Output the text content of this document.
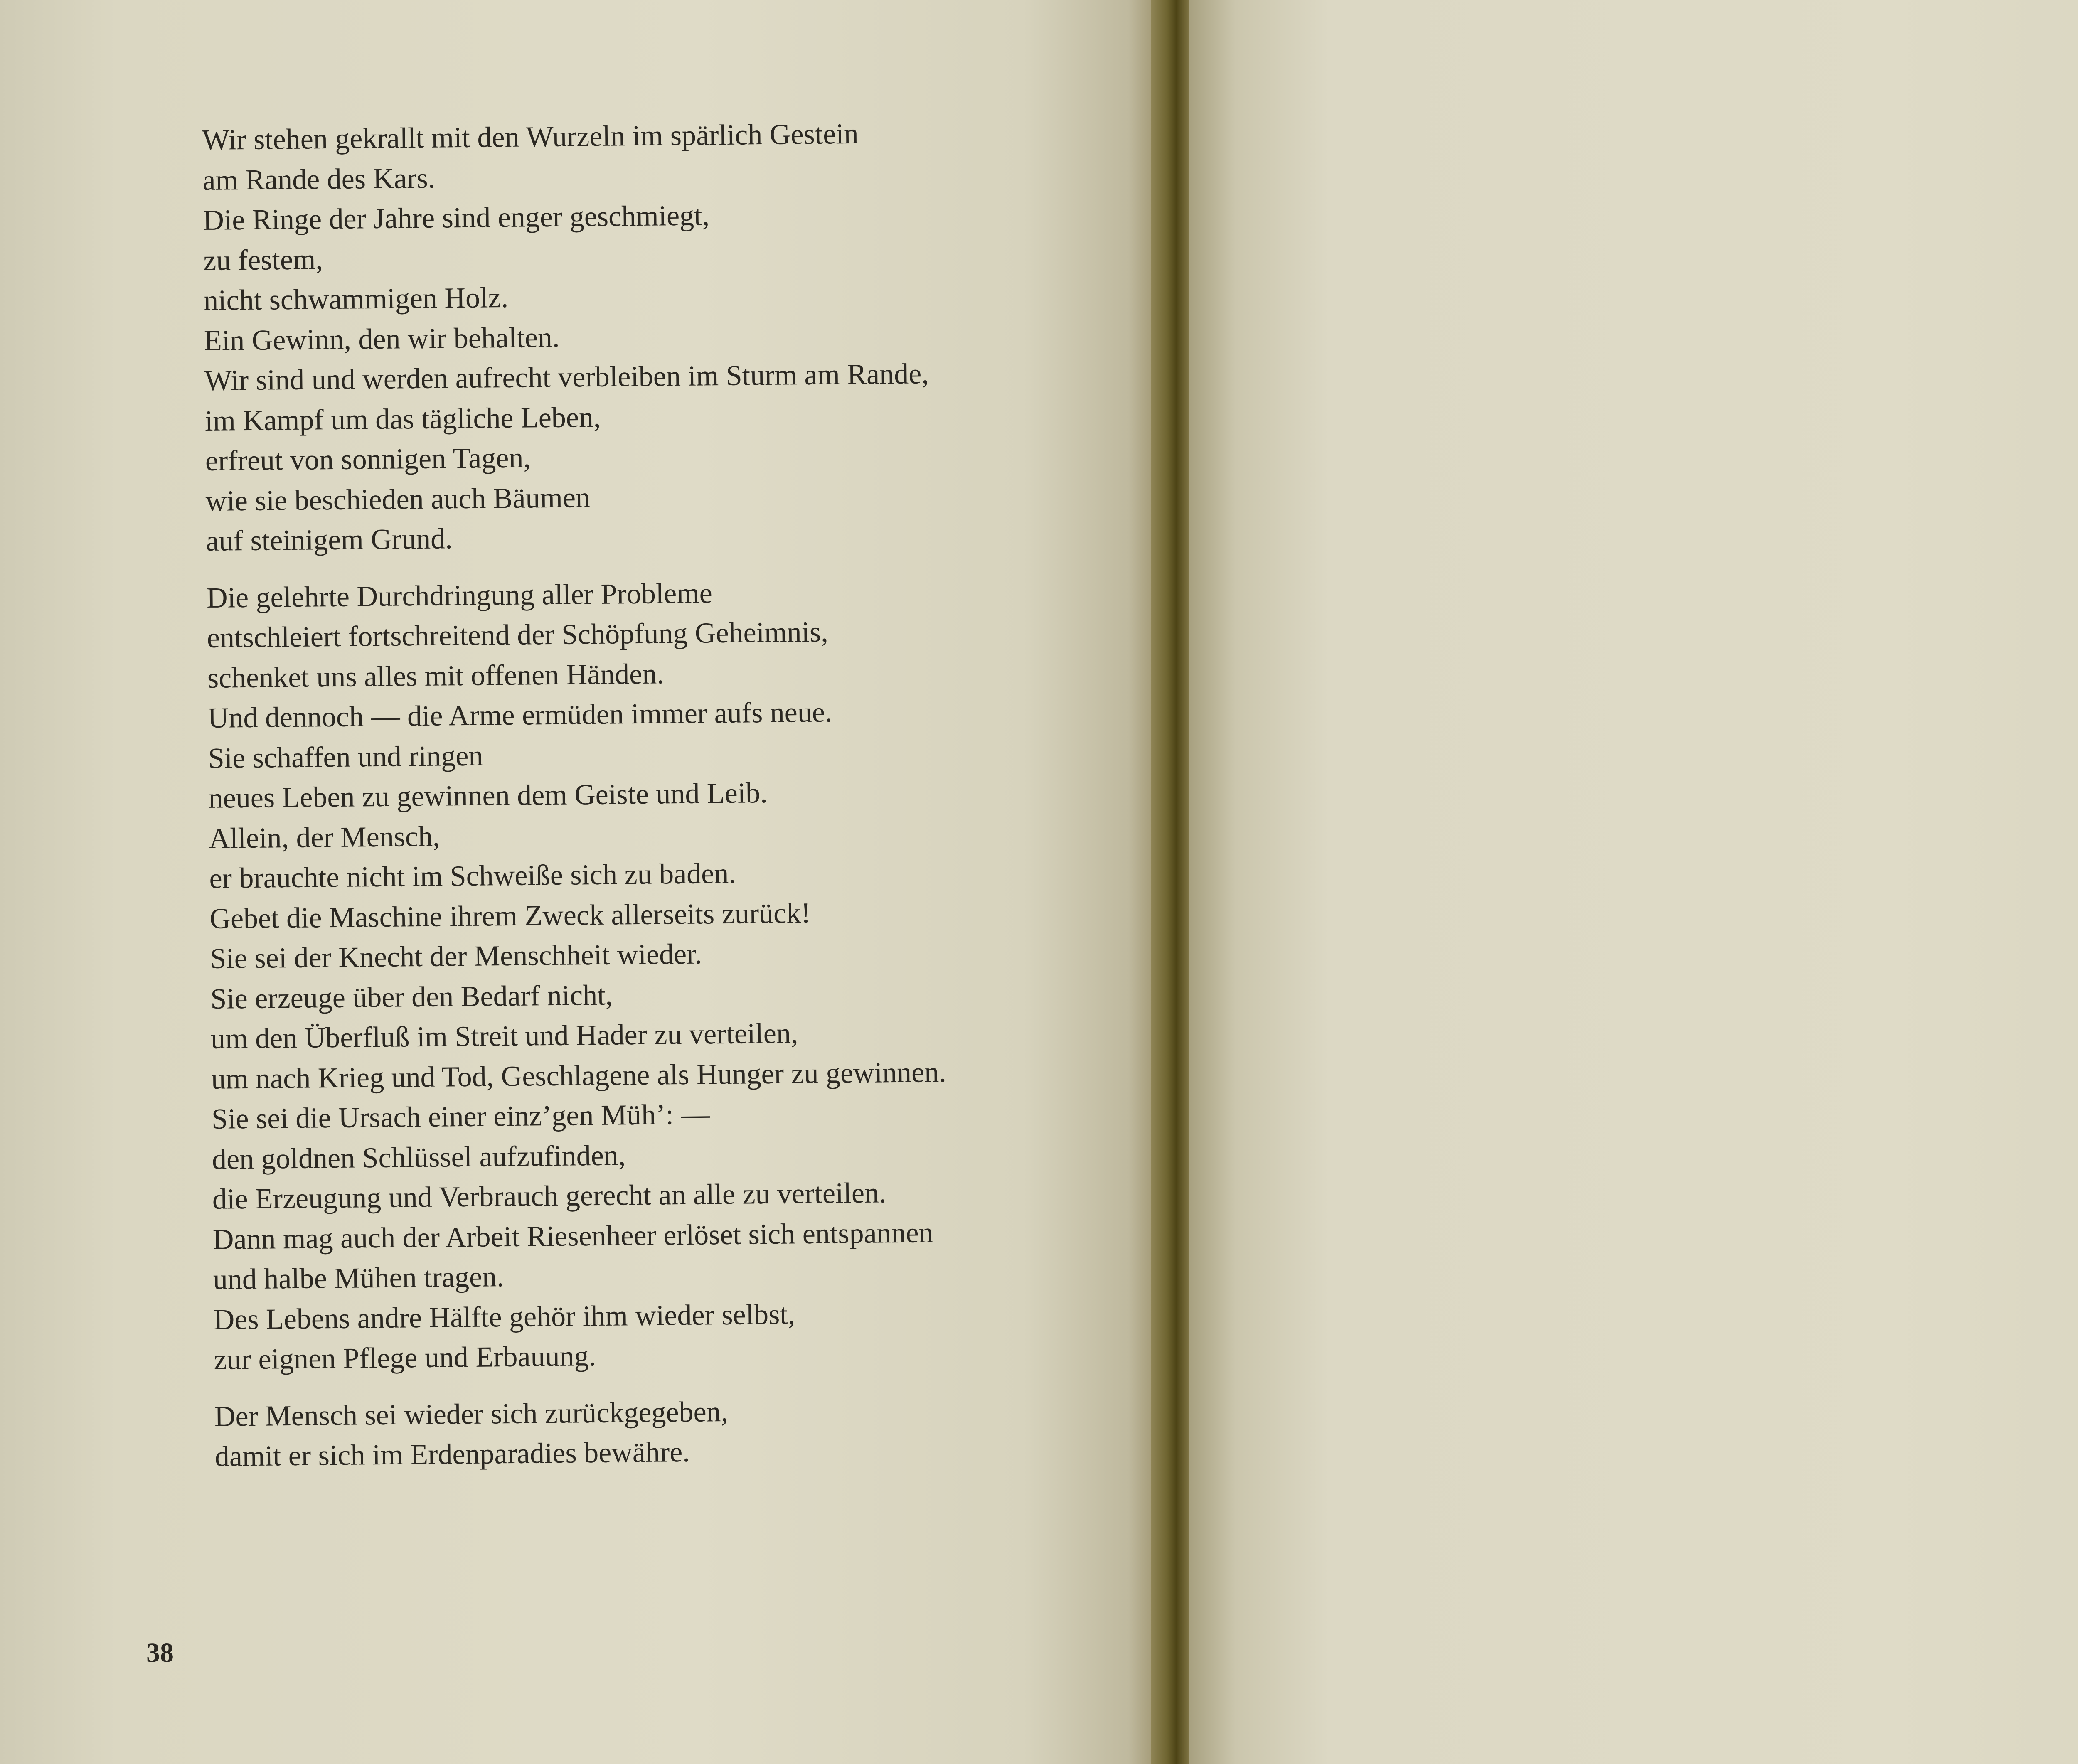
Wir stehen gekrallt mit den Wurzeln im spärlich Gestein
am Rande des Kars.
Die Ringe der Jahre sind enger geschmiegt,
zu festem,
nicht schwammigen Holz.
Ein Gewinn, den wir behalten.
Wir sind und werden aufrecht verbleiben im Sturm am Rande,
im Kampf um das tägliche Leben,
erfreut von sonnigen Tagen,
wie sie beschieden auch Bäumen
auf steinigem Grund.
Die gelehrte Durchdringung aller Probleme
entschleiert fortschreitend der Schöpfung Geheimnis,
schenket uns alles mit offenen Händen.
Und dennoch — die Arme ermüden immer aufs neue.
Sie schaffen und ringen
neues Leben zu gewinnen dem Geiste und Leib.
Allein, der Mensch,
er brauchte nicht im Schweiße sich zu baden.
Gebet die Maschine ihrem Zweck allerseits zurück!
Sie sei der Knecht der Menschheit wieder.
Sie erzeuge über den Bedarf nicht,
um den Überfluß im Streit und Hader zu verteilen,
um nach Krieg und Tod, Geschlagene als Hunger zu gewinnen.
Sie sei die Ursach einer einz’gen Müh’: —
den goldnen Schlüssel aufzufinden,
die Erzeugung und Verbrauch gerecht an alle zu verteilen.
Dann mag auch der Arbeit Riesenheer erlöset sich entspannen
und halbe Mühen tragen.
Des Lebens andre Hälfte gehör ihm wieder selbst,
zur eignen Pflege und Erbauung.
Der Mensch sei wieder sich zurückgegeben,
damit er sich im Erdenparadies bewähre.
38
